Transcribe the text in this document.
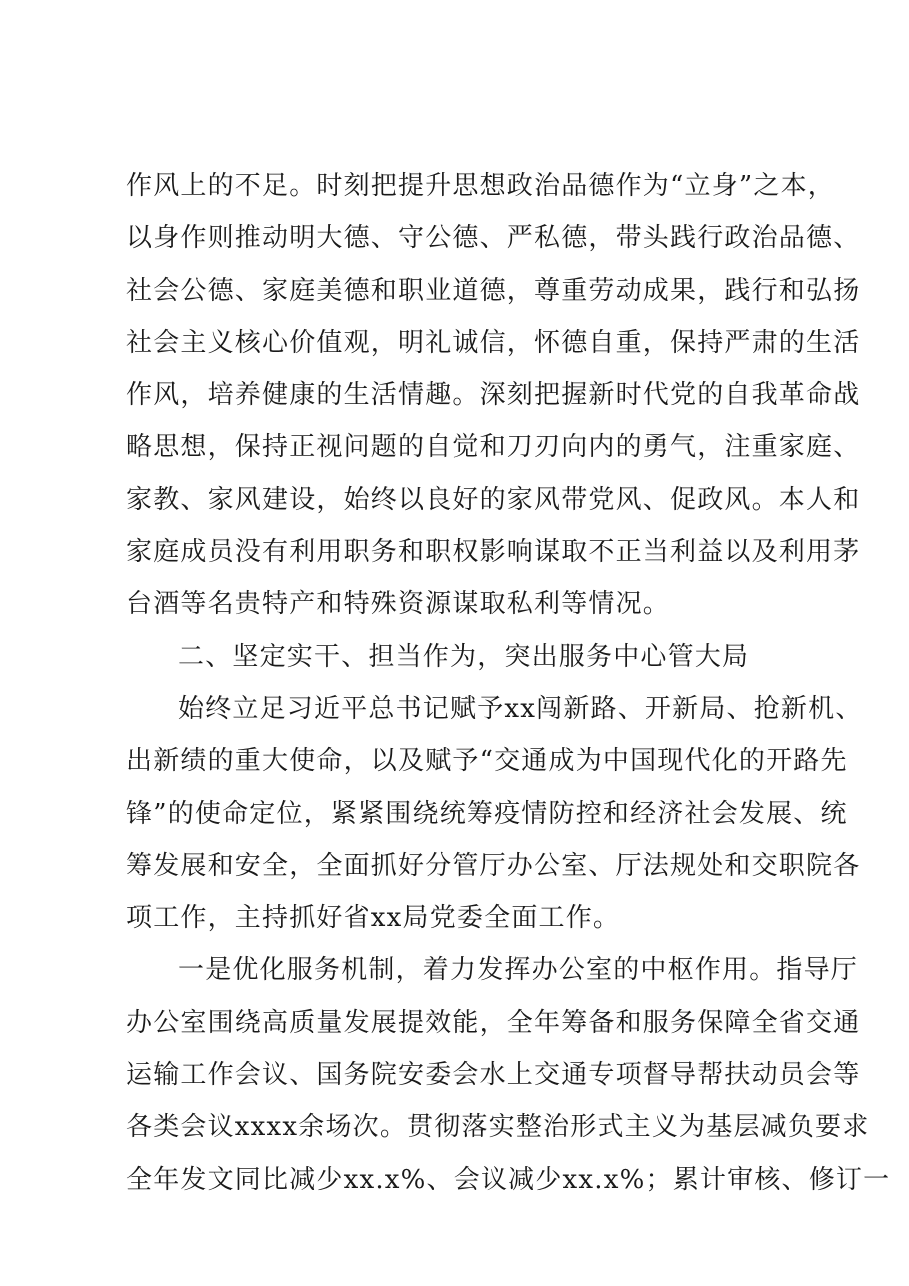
作风上的不足。时刻把提升思想政治品德作为“立身”之本，
以身作则推动明大德、守公德、严私德，带头践行政治品德、
社会公德、家庭美德和职业道德，尊重劳动成果，践行和弘扬
社会主义核心价值观，明礼诚信，怀德自重，保持严肃的生活
作风，培养健康的生活情趣。深刻把握新时代党的自我革命战
略思想，保持正视问题的自觉和刀刃向内的勇气，注重家庭、
家教、家风建设，始终以良好的家风带党风、促政风。本人和
家庭成员没有利用职务和职权影响谋取不正当利益以及利用茅
台酒等名贵特产和特殊资源谋取私利等情况。
二、坚定实干、担当作为，突出服务中心管大局
始终立足习近平总书记赋予xx闯新路、开新局、抢新机、
出新绩的重大使命，以及赋予“交通成为中国现代化的开路先
锋”的使命定位，紧紧围绕统筹疫情防控和经济社会发展、统
筹发展和安全，全面抓好分管厅办公室、厅法规处和交职院各
项工作，主持抓好省xx局党委全面工作。
一是优化服务机制，着力发挥办公室的中枢作用。指导厅
办公室围绕高质量发展提效能，全年筹备和服务保障全省交通
运输工作会议、国务院安委会水上交通专项督导帮扶动员会等
各类会议xxxx余场次。贯彻落实整治形式主义为基层减负要求
全年发文同比减少xx.x%、会议减少xx.x%；累计审核、修订一
